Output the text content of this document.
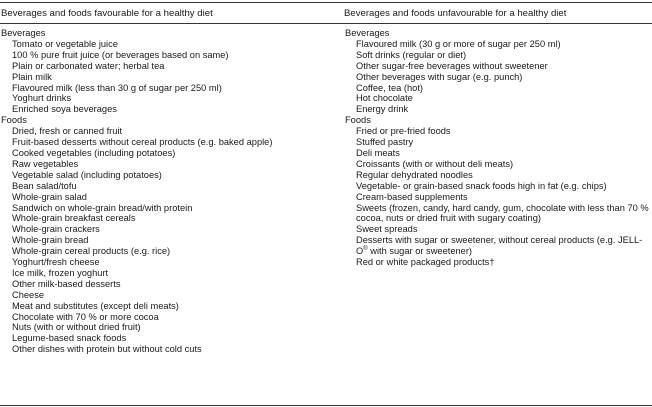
Beverages and foods favourable for a healthy diet	Beverages and foods unfavourable for a healthy diet
Beverages
Tomato or vegetable juice
100 % pure fruit juice (or beverages based on same)
Plain or carbonated water; herbal tea
Plain milk
Flavoured milk (less than 30 g of sugar per 250 ml)
Yoghurt drinks
Enriched soya beverages
Foods
Dried, fresh or canned fruit
Fruit-based desserts without cereal products (e.g. baked apple)
Cooked vegetables (including potatoes)
Raw vegetables
Vegetable salad (including potatoes)
Bean salad/tofu
Whole-grain salad
Sandwich on whole-grain bread/with protein
Whole-grain breakfast cereals
Whole-grain crackers
Whole-grain bread
Whole-grain cereal products (e.g. rice)
Yoghurt/fresh cheese
Ice milk, frozen yoghurt
Other milk-based desserts
Cheese
Meat and substitutes (except deli meats)
Chocolate with 70 % or more cocoa
Nuts (with or without dried fruit)
Legume-based snack foods
Other dishes with protein but without cold cuts
Beverages
Flavoured milk (30 g or more of sugar per 250 ml)
Soft drinks (regular or diet)
Other sugar-free beverages without sweetener
Other beverages with sugar (e.g. punch)
Coffee, tea (hot)
Hot chocolate
Energy drink
Foods
Fried or pre-fried foods
Stuffed pastry
Deli meats
Croissants (with or without deli meats)
Regular dehydrated noodles
Vegetable- or grain-based snack foods high in fat (e.g. chips)
Cream-based supplements
Sweets (frozen, candy, hard candy, gum, chocolate with less than 70 % cocoa, nuts or dried fruit with sugary coating)
Sweet spreads
Desserts with sugar or sweetener, without cereal products (e.g. JELL-O® with sugar or sweetener)
Red or white packaged products†
